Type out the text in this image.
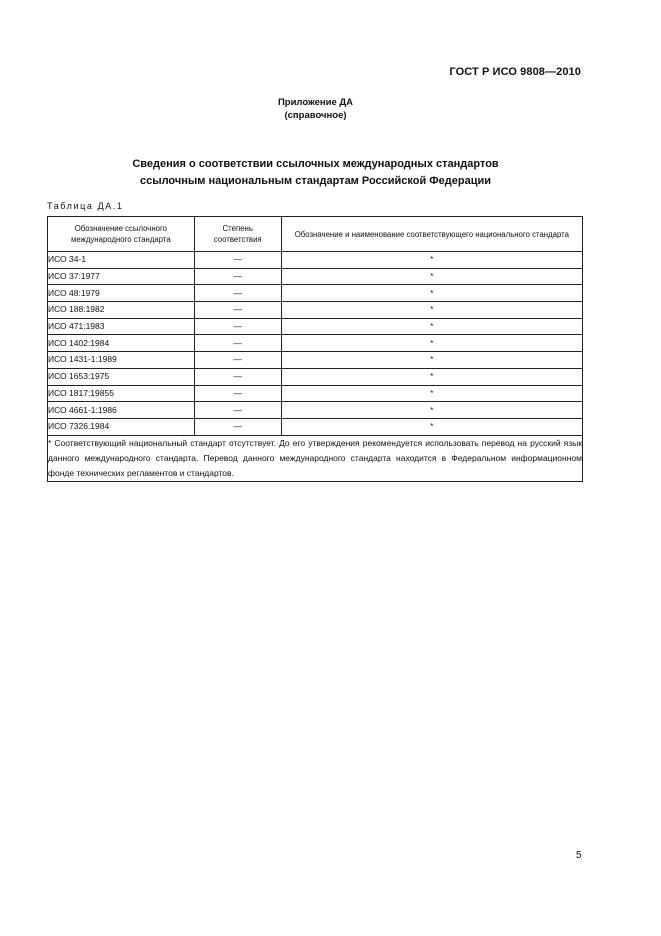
ГОСТ Р ИСО 9808—2010
Приложение ДА
(справочное)
Сведения о соответствии ссылочных международных стандартов
ссылочным национальным стандартам Российской Федерации
Таблица ДА.1
Обозначение ссылочного международного стандарта	Степень соответствия	Обозначение и наименование соответствующего национального стандарта
ИСО 34-1	—	*
ИСО 37:1977	—	*
ИСО 48:1979	—	*
ИСО 188:1982	—	*
ИСО 471:1983	—	*
ИСО 1402:1984	—	*
ИСО 1431-1:1989	—	*
ИСО 1653:1975	—	*
ИСО 1817:19855	—	*
ИСО 4661-1:1986	—	*
ИСО 7326.1984	—	*
* Соответствующий национальный стандарт отсутствует. До его утверждения рекомендуется использовать перевод на русский язык данного международного стандарта. Перевод данного международного стандарта находится в Федеральном информационном фонде технических регламентов и стандартов.		
5
